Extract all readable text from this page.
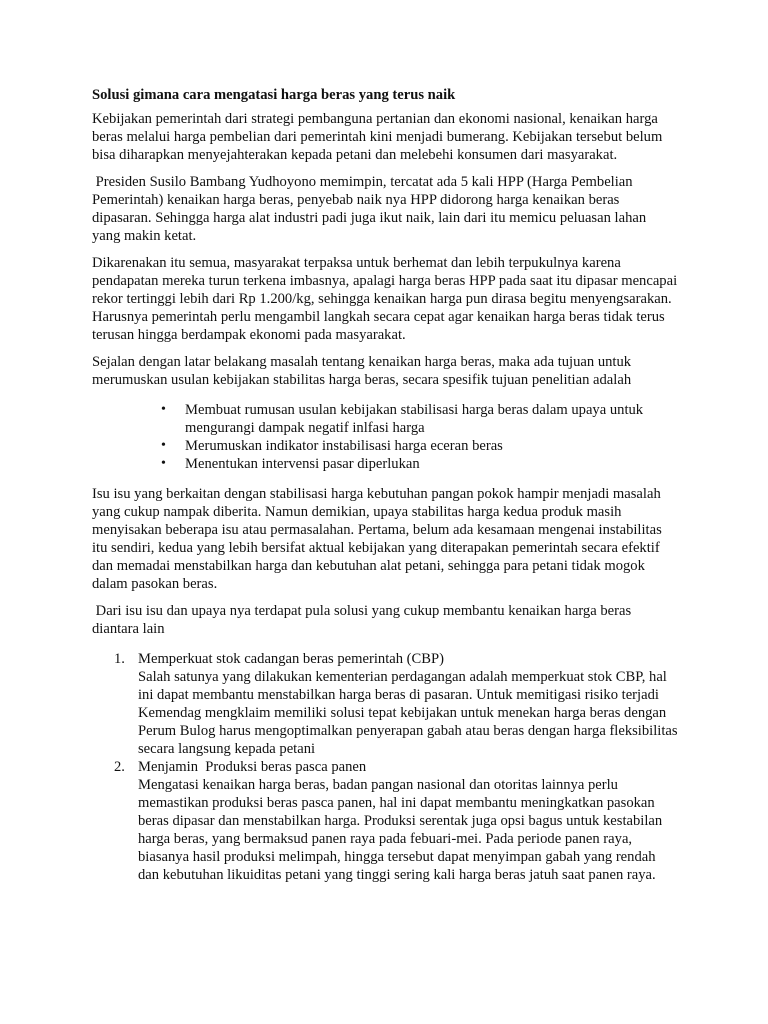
Solusi gimana cara mengatasi harga beras yang terus naik

Kebijakan pemerintah dari strategi pembanguna pertanian dan ekonomi nasional, kenaikan harga beras melalui harga pembelian dari pemerintah kini menjadi bumerang. Kebijakan tersebut belum bisa diharapkan menyejahterakan kepada petani dan melebehi konsumen dari masyarakat.

Presiden Susilo Bambang Yudhoyono memimpin, tercatat ada 5 kali HPP (Harga Pembelian Pemerintah) kenaikan harga beras, penyebab naik nya HPP didorong harga kenaikan beras dipasaran. Sehingga harga alat industri padi juga ikut naik, lain dari itu memicu peluasan lahan yang makin ketat.

Dikarenakan itu semua, masyarakat terpaksa untuk berhemat dan lebih terpukulnya karena pendapatan mereka turun terkena imbasnya, apalagi harga beras HPP pada saat itu dipasar mencapai rekor tertinggi lebih dari Rp 1.200/kg, sehingga kenaikan harga pun dirasa begitu menyengsarakan. Harusnya pemerintah perlu mengambil langkah secara cepat agar kenaikan harga beras tidak terus terusan hingga berdampak ekonomi pada masyarakat.

Sejalan dengan latar belakang masalah tentang kenaikan harga beras, maka ada tujuan untuk merumuskan usulan kebijakan stabilitas harga beras, secara spesifik tujuan penelitian adalah

• Membuat rumusan usulan kebijakan stabilisasi harga beras dalam upaya untuk mengurangi dampak negatif inlfasi harga
• Merumuskan indikator instabilisasi harga eceran beras
• Menentukan intervensi pasar diperlukan

Isu isu yang berkaitan dengan stabilisasi harga kebutuhan pangan pokok hampir menjadi masalah yang cukup nampak diberita. Namun demikian, upaya stabilitas harga kedua produk masih menyisakan beberapa isu atau permasalahan. Pertama, belum ada kesamaan mengenai instabilitas itu sendiri, kedua yang lebih bersifat aktual kebijakan yang diterapakan pemerintah secara efektif dan memadai menstabilkan harga dan kebutuhan alat petani, sehingga para petani tidak mogok dalam pasokan beras.

Dari isu isu dan upaya nya terdapat pula solusi yang cukup membantu kenaikan harga beras diantara lain

1. Memperkuat stok cadangan beras pemerintah (CBP)
Salah satunya yang dilakukan kementerian perdagangan adalah memperkuat stok CBP, hal ini dapat membantu menstabilkan harga beras di pasaran. Untuk memitigasi risiko terjadi Kemendag mengklaim memiliki solusi tepat kebijakan untuk menekan harga beras dengan Perum Bulog harus mengoptimalkan penyerapan gabah atau beras dengan harga fleksibilitas secara langsung kepada petani
2. Menjamin  Produksi beras pasca panen
Mengatasi kenaikan harga beras, badan pangan nasional dan otoritas lainnya perlu memastikan produksi beras pasca panen, hal ini dapat membantu meningkatkan pasokan beras dipasar dan menstabilkan harga. Produksi serentak juga opsi bagus untuk kestabilan harga beras, yang bermaksud panen raya pada febuari-mei. Pada periode panen raya, biasanya hasil produksi melimpah, hingga tersebut dapat menyimpan gabah yang rendah dan kebutuhan likuiditas petani yang tinggi sering kali harga beras jatuh saat panen raya.
